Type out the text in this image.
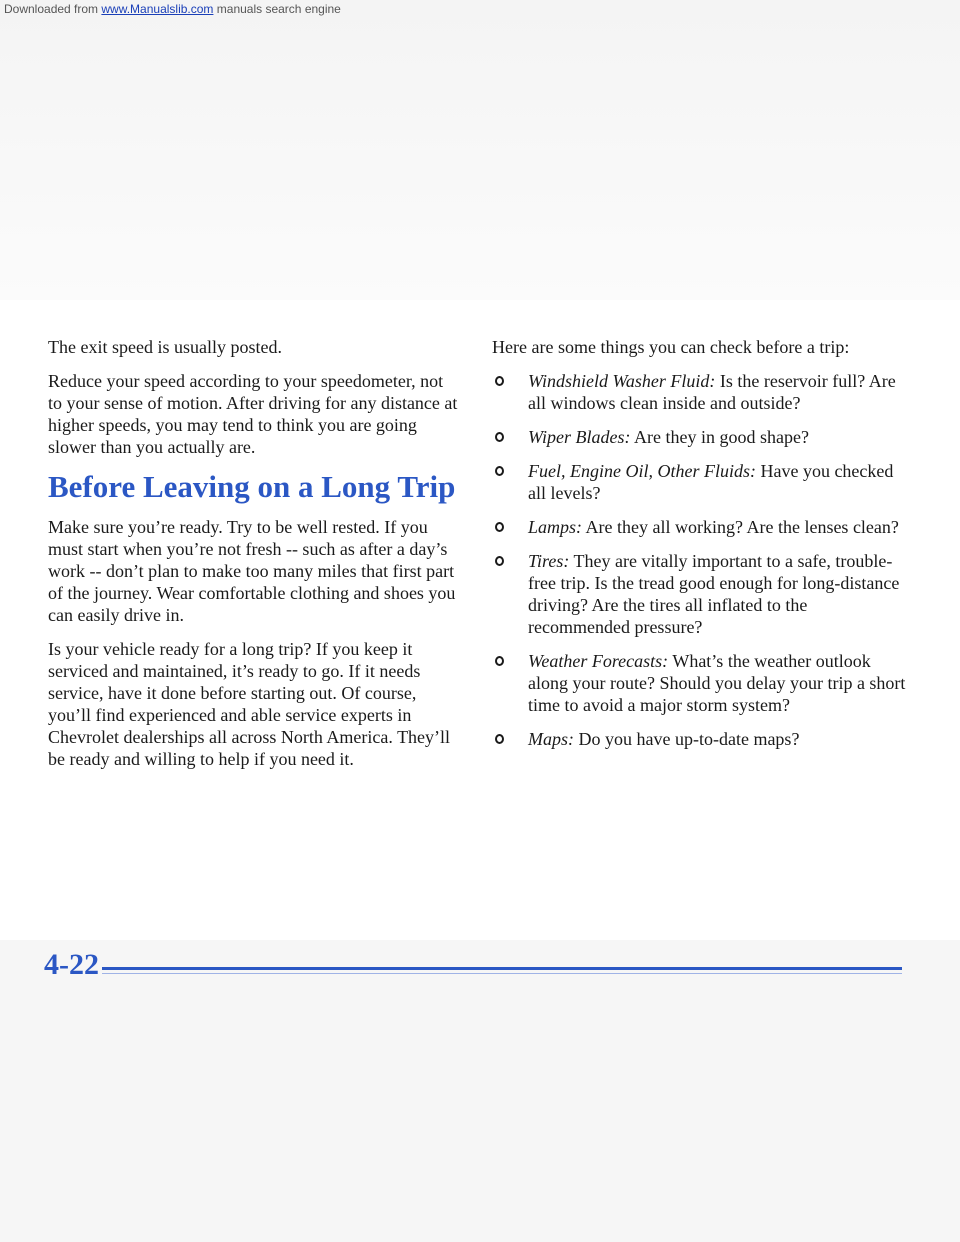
The exit speed is usually posted.

Reduce your speed according to your speedometer, not to your sense of motion. After driving for any distance at higher speeds, you may tend to think you are going slower than you actually are.

Before Leaving on a Long Trip

Make sure you’re ready. Try to be well rested. If you must start when you’re not fresh -- such as after a day’s work -- don’t plan to make too many miles that first part of the journey. Wear comfortable clothing and shoes you can easily drive in.

Is your vehicle ready for a long trip? If you keep it serviced and maintained, it’s ready to go. If it needs service, have it done before starting out. Of course, you’ll find experienced and able service experts in Chevrolet dealerships all across North America. They’ll be ready and willing to help if you need it.

Here are some things you can check before a trip:

Windshield Washer Fluid: Is the reservoir full? Are all windows clean inside and outside?
Wiper Blades: Are they in good shape?
Fuel, Engine Oil, Other Fluids: Have you checked all levels?
Lamps: Are they all working? Are the lenses clean?
Tires: They are vitally important to a safe, trouble-free trip. Is the tread good enough for long-distance driving? Are the tires all inflated to the recommended pressure?
Weather Forecasts: What’s the weather outlook along your route? Should you delay your trip a short time to avoid a major storm system?
Maps: Do you have up-to-date maps?
4-22
Downloaded from www.Manualslib.com manuals search engine
